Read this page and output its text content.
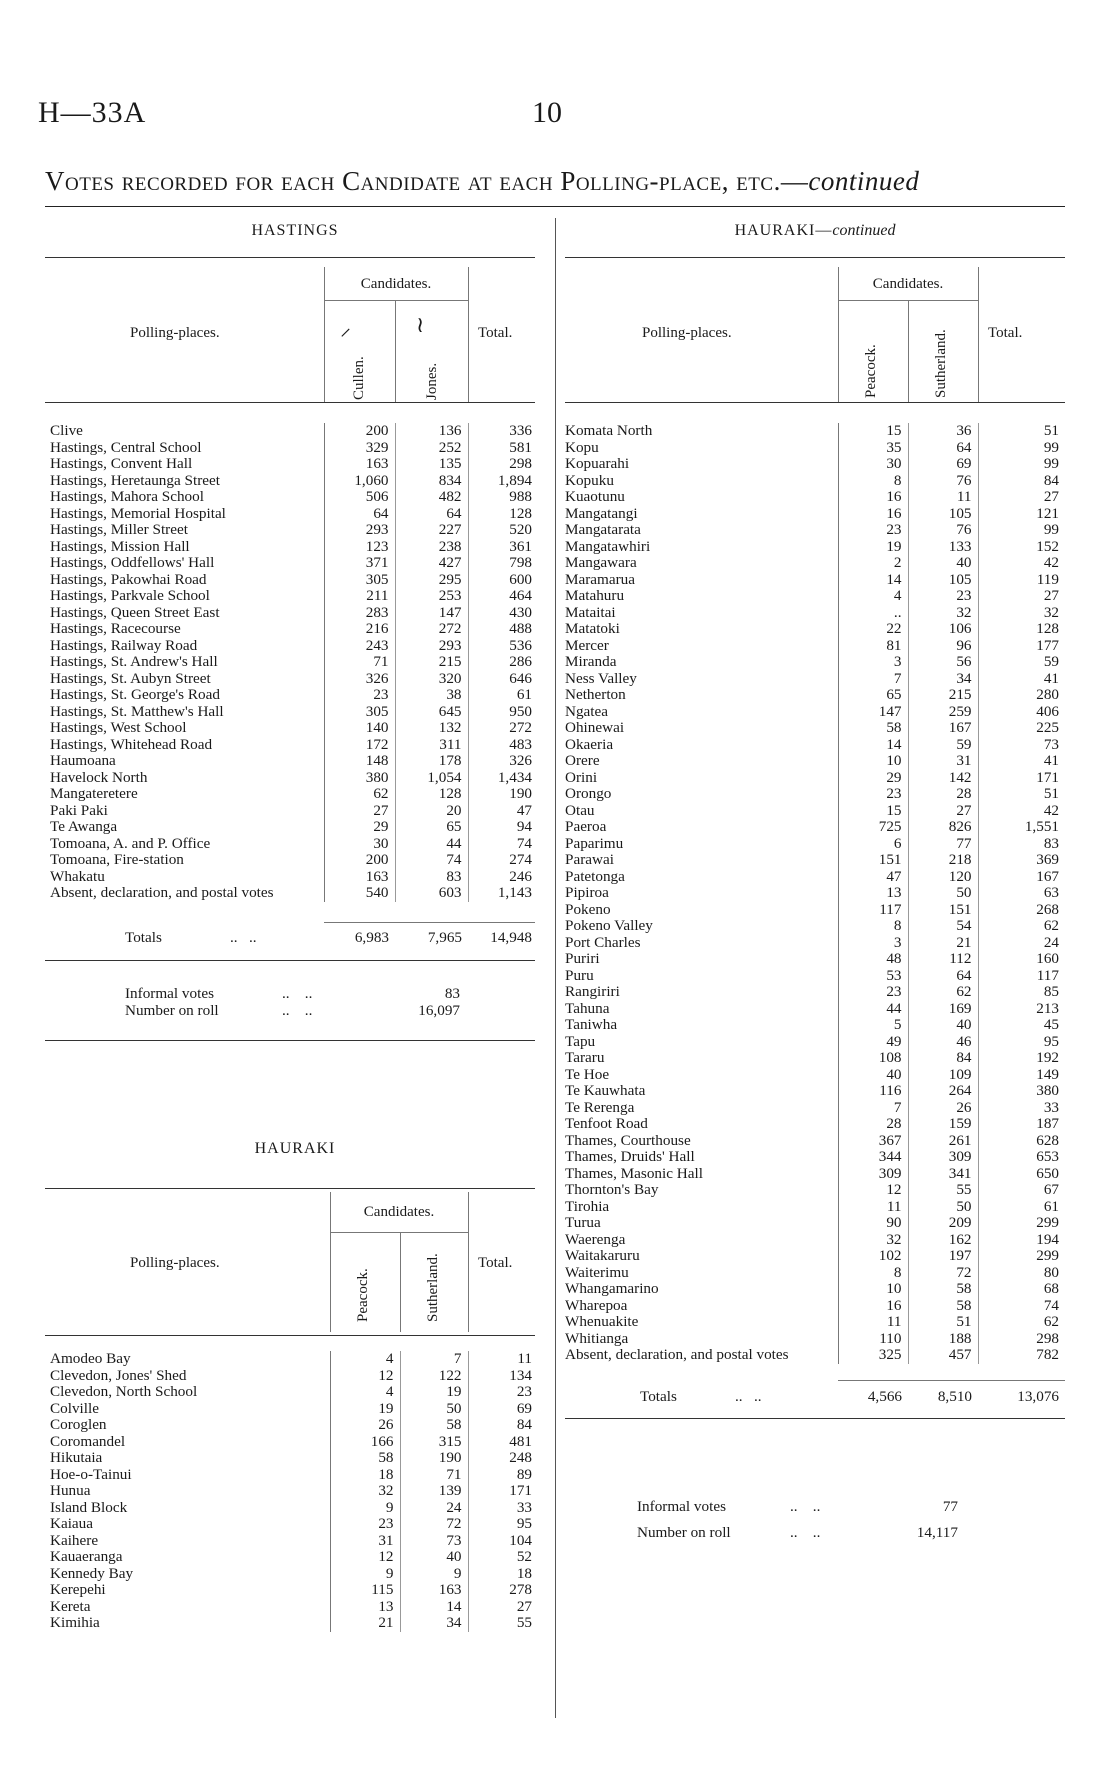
H—33A	10
Votes recorded for each Candidate at each Polling-place, etc.—continued
HASTINGS
Candidates.
Polling-places.	Total.
⸝	≀
Cullen.	Jones.
Clive	200	136	336
Hastings, Central School	329	252	581
Hastings, Convent Hall	163	135	298
Hastings, Heretaunga Street	1,060	834	1,894
Hastings, Mahora School	506	482	988
Hastings, Memorial Hospital	64	64	128
Hastings, Miller Street	293	227	520
Hastings, Mission Hall	123	238	361
Hastings, Oddfellows' Hall	371	427	798
Hastings, Pakowhai Road	305	295	600
Hastings, Parkvale School	211	253	464
Hastings, Queen Street East	283	147	430
Hastings, Racecourse	216	272	488
Hastings, Railway Road	243	293	536
Hastings, St. Andrew's Hall	71	215	286
Hastings, St. Aubyn Street	326	320	646
Hastings, St. George's Road	23	38	61
Hastings, St. Matthew's Hall	305	645	950
Hastings, West School	140	132	272
Hastings, Whitehead Road	172	311	483
Haumoana	148	178	326
Havelock North	380	1,054	1,434
Mangateretere	62	128	190
Paki Paki	27	20	47
Te Awanga	29	65	94
Tomoana, A. and P. Office	30	44	74
Tomoana, Fire-station	200	74	274
Whakatu	163	83	246
Absent, declaration, and postal votes	540	603	1,143
Totals	..   ..	6,983	7,965	14,948
Informal votes	..    ..	83
Number on roll	..    ..	16,097
HAURAKI
Candidates.
Polling-places.	Total.
Peacock.	Sutherland.
Amodeo Bay	4	7	11
Clevedon, Jones' Shed	12	122	134
Clevedon, North School	4	19	23
Colville	19	50	69
Coroglen	26	58	84
Coromandel	166	315	481
Hikutaia	58	190	248
Hoe-o-Tainui	18	71	89
Hunua	32	139	171
Island Block	9	24	33
Kaiaua	23	72	95
Kaihere	31	73	104
Kauaeranga	12	40	52
Kennedy Bay	9	9	18
Kerepehi	115	163	278
Kereta	13	14	27
Kimihia	21	34	55
HAURAKI—continued
Candidates.
Polling-places.	Total.
Peacock.	Sutherland.
Komata North	15	36	51
Kopu	35	64	99
Kopuarahi	30	69	99
Kopuku	8	76	84
Kuaotunu	16	11	27
Mangatangi	16	105	121
Mangatarata	23	76	99
Mangatawhiri	19	133	152
Mangawara	2	40	42
Maramarua	14	105	119
Matahuru	4	23	27
Mataitai	..	32	32
Matatoki	22	106	128
Mercer	81	96	177
Miranda	3	56	59
Ness Valley	7	34	41
Netherton	65	215	280
Ngatea	147	259	406
Ohinewai	58	167	225
Okaeria	14	59	73
Orere	10	31	41
Orini	29	142	171
Orongo	23	28	51
Otau	15	27	42
Paeroa	725	826	1,551
Paparimu	6	77	83
Parawai	151	218	369
Patetonga	47	120	167
Pipiroa	13	50	63
Pokeno	117	151	268
Pokeno Valley	8	54	62
Port Charles	3	21	24
Puriri	48	112	160
Puru	53	64	117
Rangiriri	23	62	85
Tahuna	44	169	213
Taniwha	5	40	45
Tapu	49	46	95
Tararu	108	84	192
Te Hoe	40	109	149
Te Kauwhata	116	264	380
Te Rerenga	7	26	33
Tenfoot Road	28	159	187
Thames, Courthouse	367	261	628
Thames, Druids' Hall	344	309	653
Thames, Masonic Hall	309	341	650
Thornton's Bay	12	55	67
Tirohia	11	50	61
Turua	90	209	299
Waerenga	32	162	194
Waitakaruru	102	197	299
Waiterimu	8	72	80
Whangamarino	10	58	68
Wharepoa	16	58	74
Whenuakite	11	51	62
Whitianga	110	188	298
Absent, declaration, and postal votes	325	457	782
Totals	..   ..	4,566	8,510	13,076
Informal votes	..    ..	77
Number on roll	..    ..	14,117
